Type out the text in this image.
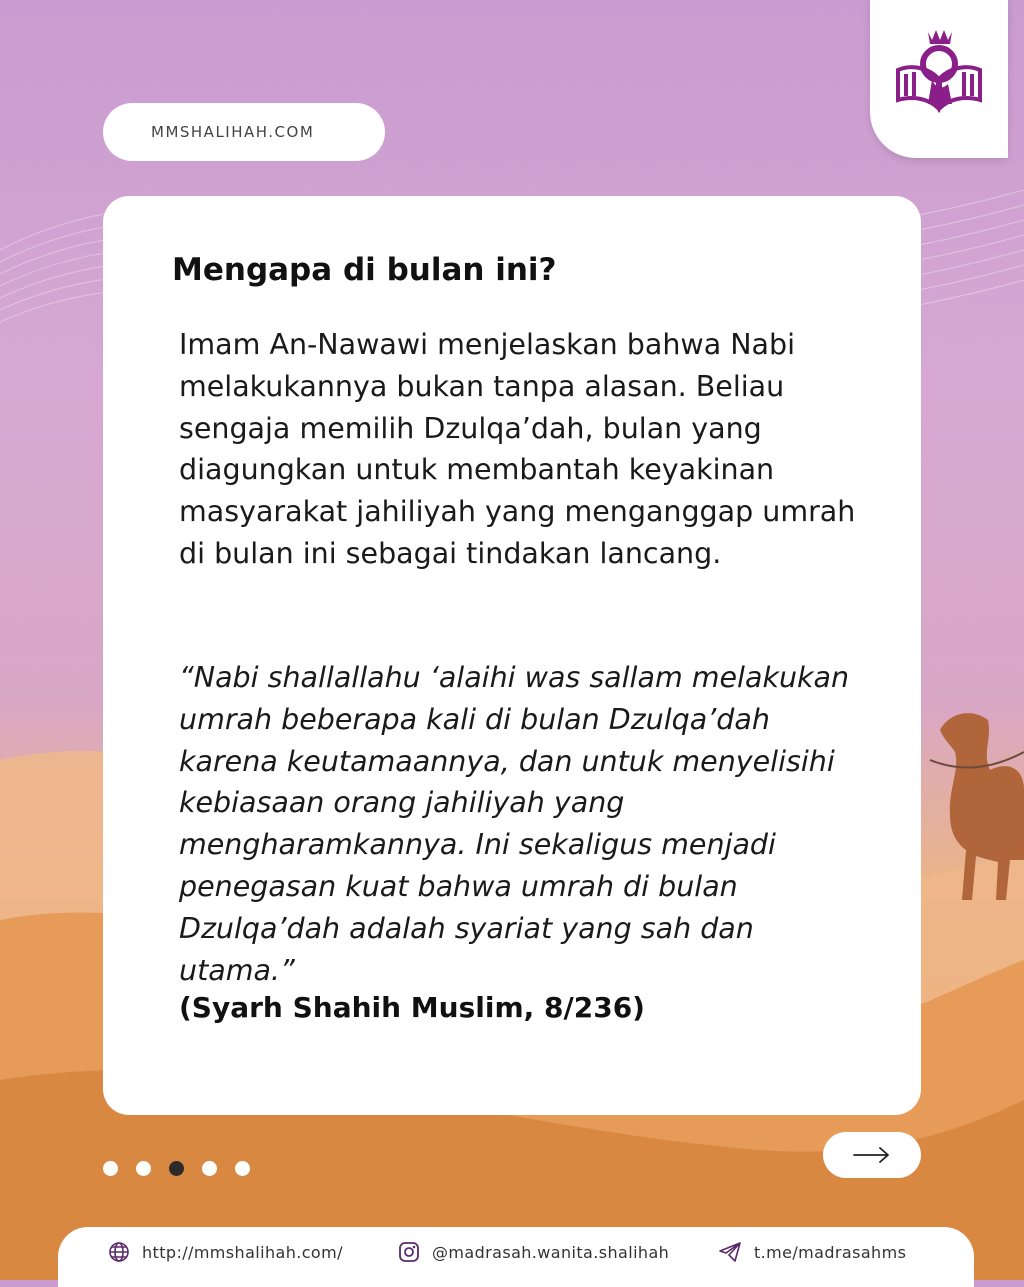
MMSHALIHAH.COM
Mengapa di bulan ini?

Imam An-Nawawi menjelaskan bahwa Nabi melakukannya bukan tanpa alasan. Beliau sengaja memilih Dzulqa’dah, bulan yang diagungkan untuk membantah keyakinan masyarakat jahiliyah yang menganggap umrah di bulan ini sebagai tindakan lancang.

“Nabi shallallahu ‘alaihi was sallam melakukan umrah beberapa kali di bulan Dzulqa’dah karena keutamaannya, dan untuk menyelisihi kebiasaan orang jahiliyah yang mengharamkannya. Ini sekaligus menjadi penegasan kuat bahwa umrah di bulan Dzulqa’dah adalah syariat yang sah dan utama.”

(Syarh Shahih Muslim, 8/236)

http://mmshalihah.com/	@madrasah.wanita.shalihah	t.me/madrasahms
